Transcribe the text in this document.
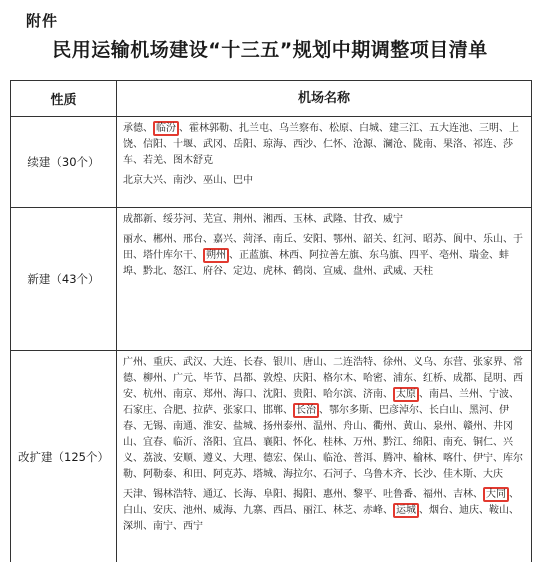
附件
民用运输机场建设“十三五”规划中期调整项目清单
性质	机场名称
续建（30个）
承德、 临汾 、霍林郭勒、扎兰屯、乌兰察布、松原、白城、建三江、五大连池、三明、上饶、信阳、十堰、武冈、岳阳、琼海、西沙、仁怀、沧源、澜沧、陇南、果洛、祁连、莎车、若羌、图木舒克
北京大兴、南沙、巫山、巴中
新建（43个）
成都新、绥芬河、芜宣、荆州、湘西、玉林、武隆、甘孜、威宁
丽水、郴州、邢台、嘉兴、菏泽、南丘、安阳、鄂州、韶关、红河、昭苏、阆中、乐山、于田、塔什库尔干、 朔州 、正蓝旗、林西、阿拉善左旗、东乌旗、四平、亳州、瑞金、蚌埠、黔北、怒江、府谷、定边、虎林、鹤岗、宣威、盘州、武威、天柱
改扩建（125个）
广州、重庆、武汉、大连、长春、银川、唐山、二连浩特、徐州、义乌、东营、张家界、常德、柳州、广元、毕节、昌都、敦煌、庆阳、格尔木、哈密、浦东、红桥、成都、昆明、西安、杭州、南京、郑州、海口、沈阳、贵阳、哈尔滨、济南、 太原 、南昌、兰州、宁波、石家庄、合肥、拉萨、张家口、邯郸、 长治 、鄂尔多斯、巴彦淖尔、长白山、黑河、伊春、无锡、南通、淮安、盐城、扬州泰州、温州、舟山、衢州、黄山、泉州、赣州、井冈山、宜春、临沂、洛阳、宜昌、襄阳、怀化、桂林、万州、黔江、绵阳、南充、铜仁、兴义、荔波、安顺、遵义、大理、德宏、保山、临沧、普洱、腾冲、榆林、喀什、伊宁、库尔勒、阿勒泰、和田、阿克苏、塔城、海拉尔、石河子、乌鲁木齐、长沙、佳木斯、大庆
天津、锡林浩特、通辽、长海、阜阳、揭阳、惠州、黎平、吐鲁番、福州、吉林、 大同 、白山、安庆、池州、威海、九寨、西昌、丽江、林芝、赤峰、 运城 、烟台、迪庆、鞍山、深圳、南宁、西宁
